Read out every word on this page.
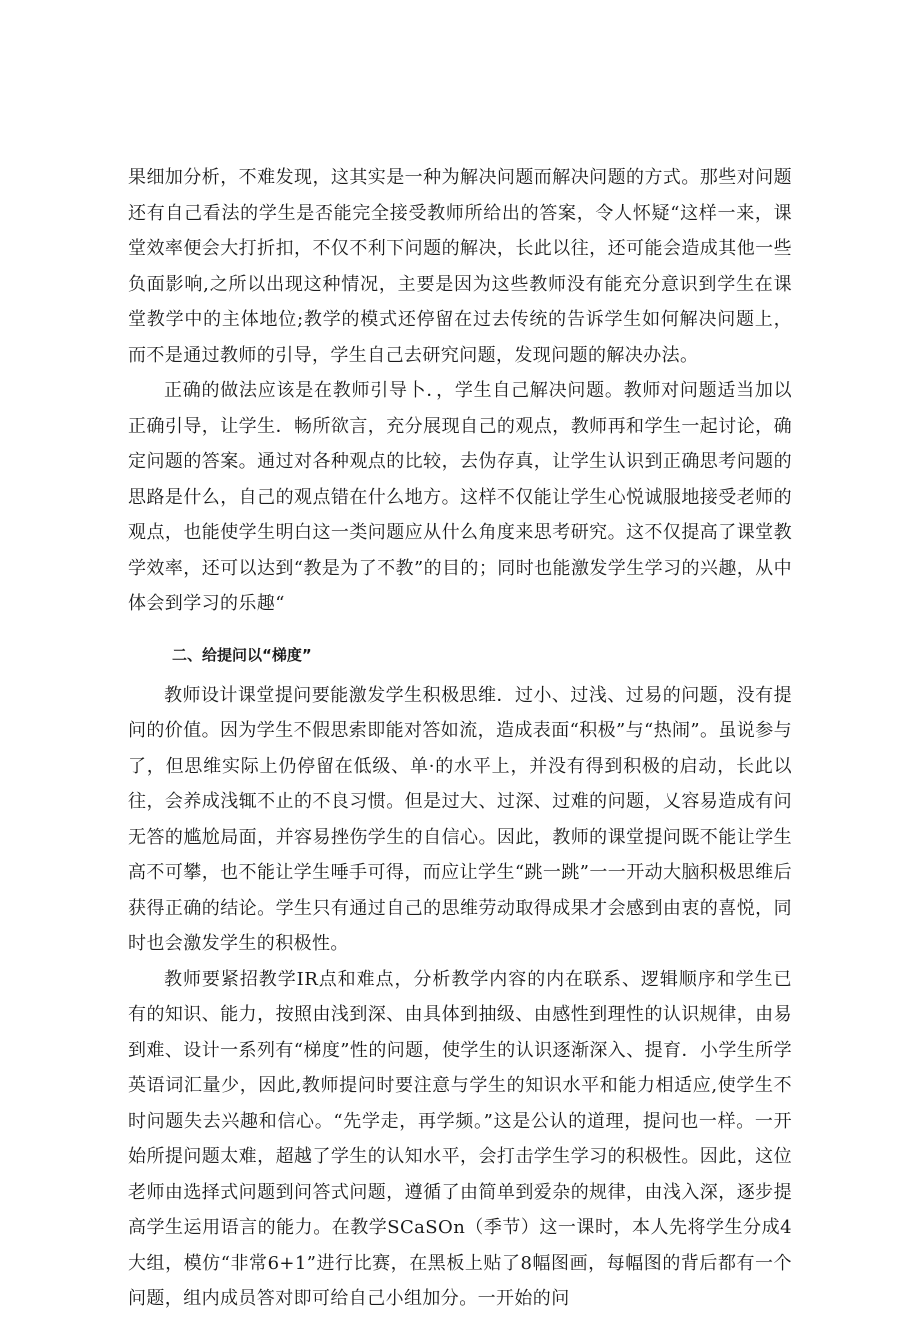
果细加分析，不难发现，这其实是一种为解决问题而解决问题的方式。那些对问题还有自己看法的学生是否能完全接受教师所给出的答案，令人怀疑“这样一来，课堂效率便会大打折扣，不仅不利下问题的解决，长此以往，还可能会造成其他一些负面影响,之所以出现这种情况，主要是因为这些教师没有能充分意识到学生在课堂教学中的主体地位;教学的模式还停留在过去传统的告诉学生如何解决问题上，而不是通过教师的引导，学生自己去研究问题，发现问题的解决办法。

正确的做法应该是在教师引导卜．，学生自己解决问题。教师对问题适当加以正确引导，让学生．畅所欲言，充分展现自己的观点，教师再和学生一起讨论，确定问题的答案。通过对各种观点的比较，去伪存真，让学生认识到正确思考问题的思路是什么，自己的观点错在什么地方。这样不仅能让学生心悦诚服地接受老师的观点，也能使学生明白这一类问题应从什么角度来思考研究。这不仅提高了课堂教学效率，还可以达到“教是为了不教”的目的；同时也能激发学生学习的兴趣，从中体会到学习的乐趣“

二、给提问以“梯度”

教师设计课堂提问要能激发学生积极思维．过小、过浅、过易的问题，没有提问的价值。因为学生不假思索即能对答如流，造成表面“积极”与“热闹”。虽说参与了，但思维实际上仍停留在低级、单·的水平上，并没有得到积极的启动，长此以往，会养成浅辄不止的不良习惯。但是过大、过深、过难的问题，乂容易造成有问无答的尴尬局面，并容易挫伤学生的自信心。因此，教师的课堂提问既不能让学生高不可攀，也不能让学生唾手可得，而应让学生“跳一跳”一一开动大脑积极思维后获得正确的结论。学生只有通过自己的思维劳动取得成果才会感到由衷的喜悦，同时也会激发学生的积极性。

教师要紧招教学IR点和难点，分析教学内容的内在联系、逻辑顺序和学生已有的知识、能力，按照由浅到深、由具体到抽级、由感性到理性的认识规律，由易到难、设计一系列有“梯度”性的问题，使学生的认识逐渐深入、提育．小学生所学英语词汇量少，因此,教师提问时要注意与学生的知识水平和能力相适应,使学生不时问题失去兴趣和信心。“先学走，再学频。”这是公认的道理，提问也一样。一开始所提问题太难，超越了学生的认知水平，会打击学生学习的积极性。因此，这位老师由选择式问题到问答式问题，遵循了由简单到爱杂的规律，由浅入深，逐步提高学生运用语言的能力。在教学SCaSOn（季节）这一课时，本人先将学生分成4大组，模仿“非常6+1”进行比赛，在黑板上贴了8幅图画，每幅图的背后都有一个问题，组内成员答对即可给自己小组加分。一开始的问
